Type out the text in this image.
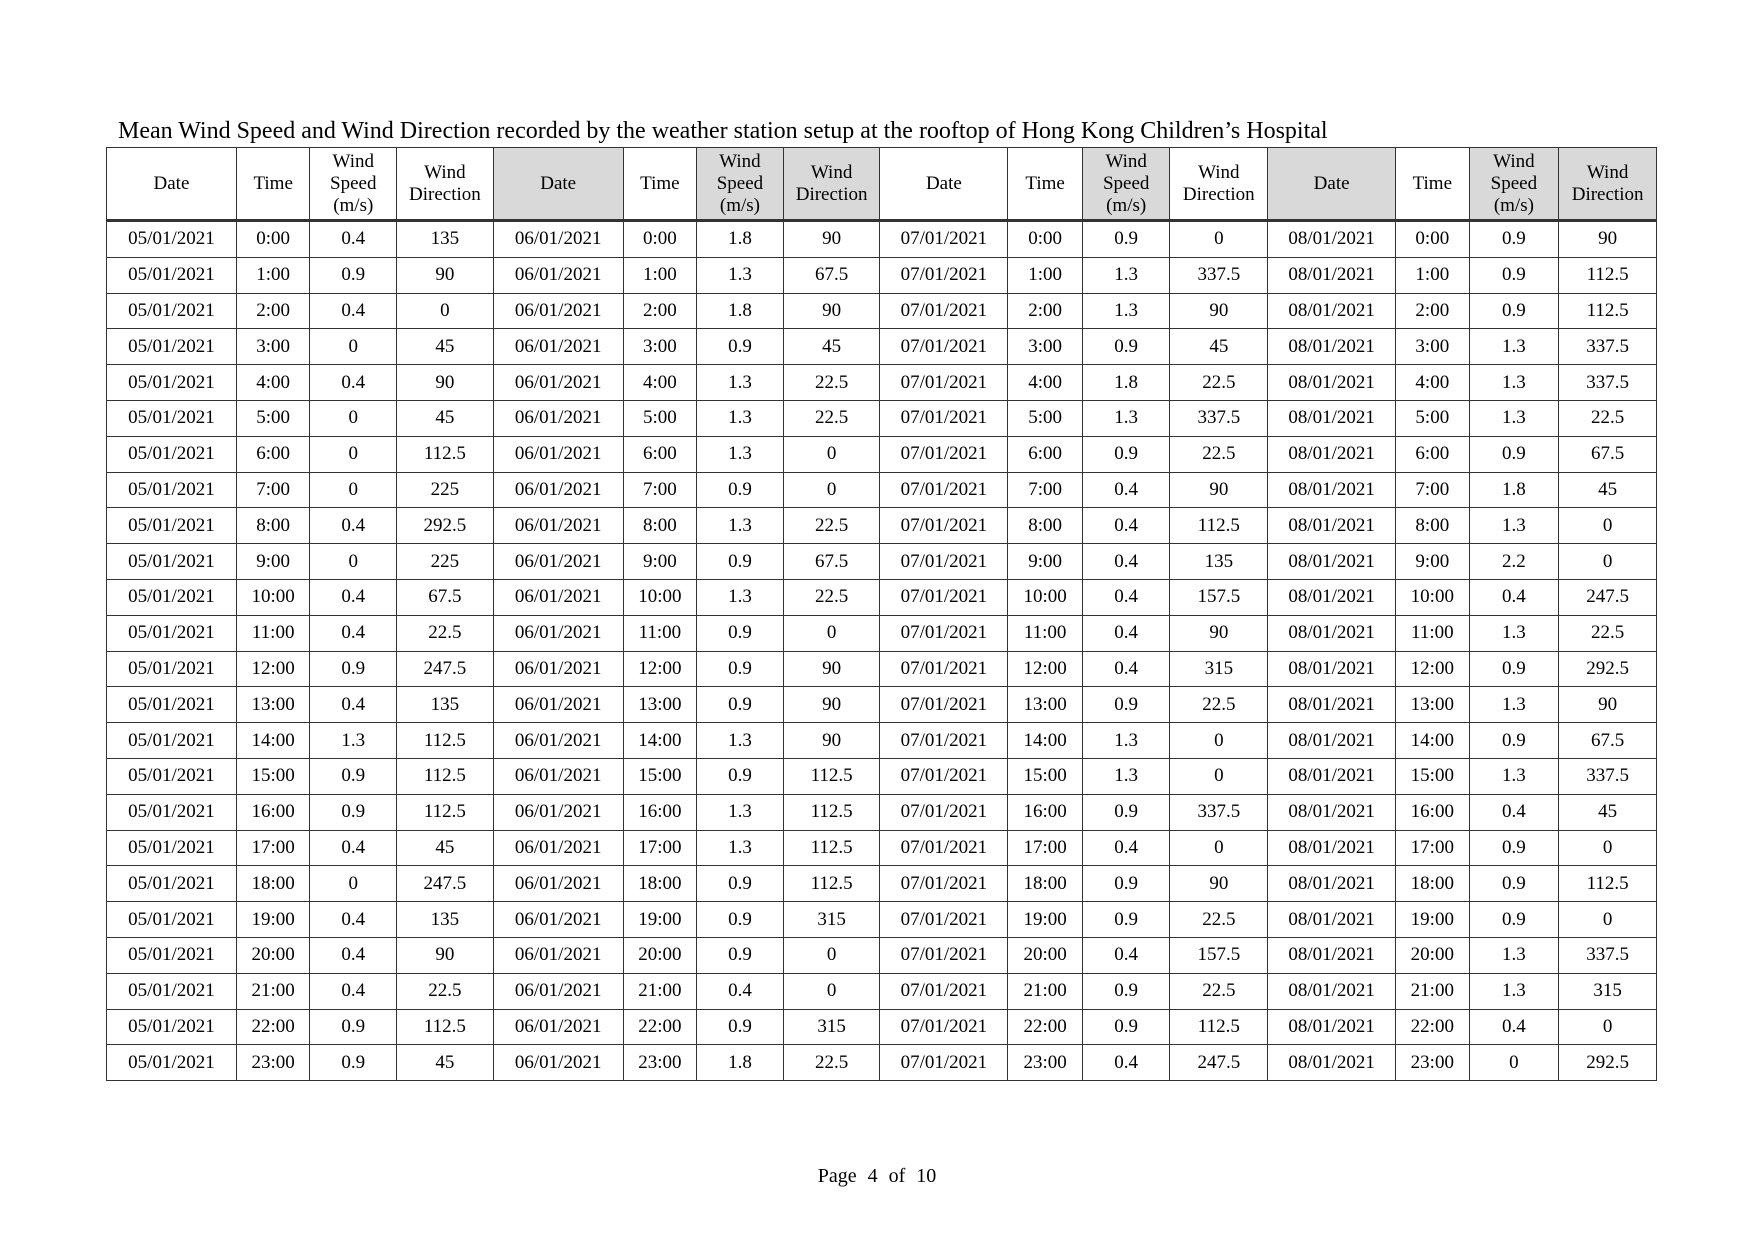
Mean Wind Speed and Wind Direction recorded by the weather station setup at the rooftop of Hong Kong Children’s Hospital
Date	Time	Wind Speed (m/s)	Wind Direction	Date	Time	Wind Speed (m/s)	Wind Direction	Date	Time	Wind Speed (m/s)	Wind Direction	Date	Time	Wind Speed (m/s)	Wind Direction
05/01/2021	0:00	0.4	135	06/01/2021	0:00	1.8	90	07/01/2021	0:00	0.9	0	08/01/2021	0:00	0.9	90
05/01/2021	1:00	0.9	90	06/01/2021	1:00	1.3	67.5	07/01/2021	1:00	1.3	337.5	08/01/2021	1:00	0.9	112.5
05/01/2021	2:00	0.4	0	06/01/2021	2:00	1.8	90	07/01/2021	2:00	1.3	90	08/01/2021	2:00	0.9	112.5
05/01/2021	3:00	0	45	06/01/2021	3:00	0.9	45	07/01/2021	3:00	0.9	45	08/01/2021	3:00	1.3	337.5
05/01/2021	4:00	0.4	90	06/01/2021	4:00	1.3	22.5	07/01/2021	4:00	1.8	22.5	08/01/2021	4:00	1.3	337.5
05/01/2021	5:00	0	45	06/01/2021	5:00	1.3	22.5	07/01/2021	5:00	1.3	337.5	08/01/2021	5:00	1.3	22.5
05/01/2021	6:00	0	112.5	06/01/2021	6:00	1.3	0	07/01/2021	6:00	0.9	22.5	08/01/2021	6:00	0.9	67.5
05/01/2021	7:00	0	225	06/01/2021	7:00	0.9	0	07/01/2021	7:00	0.4	90	08/01/2021	7:00	1.8	45
05/01/2021	8:00	0.4	292.5	06/01/2021	8:00	1.3	22.5	07/01/2021	8:00	0.4	112.5	08/01/2021	8:00	1.3	0
05/01/2021	9:00	0	225	06/01/2021	9:00	0.9	67.5	07/01/2021	9:00	0.4	135	08/01/2021	9:00	2.2	0
05/01/2021	10:00	0.4	67.5	06/01/2021	10:00	1.3	22.5	07/01/2021	10:00	0.4	157.5	08/01/2021	10:00	0.4	247.5
05/01/2021	11:00	0.4	22.5	06/01/2021	11:00	0.9	0	07/01/2021	11:00	0.4	90	08/01/2021	11:00	1.3	22.5
05/01/2021	12:00	0.9	247.5	06/01/2021	12:00	0.9	90	07/01/2021	12:00	0.4	315	08/01/2021	12:00	0.9	292.5
05/01/2021	13:00	0.4	135	06/01/2021	13:00	0.9	90	07/01/2021	13:00	0.9	22.5	08/01/2021	13:00	1.3	90
05/01/2021	14:00	1.3	112.5	06/01/2021	14:00	1.3	90	07/01/2021	14:00	1.3	0	08/01/2021	14:00	0.9	67.5
05/01/2021	15:00	0.9	112.5	06/01/2021	15:00	0.9	112.5	07/01/2021	15:00	1.3	0	08/01/2021	15:00	1.3	337.5
05/01/2021	16:00	0.9	112.5	06/01/2021	16:00	1.3	112.5	07/01/2021	16:00	0.9	337.5	08/01/2021	16:00	0.4	45
05/01/2021	17:00	0.4	45	06/01/2021	17:00	1.3	112.5	07/01/2021	17:00	0.4	0	08/01/2021	17:00	0.9	0
05/01/2021	18:00	0	247.5	06/01/2021	18:00	0.9	112.5	07/01/2021	18:00	0.9	90	08/01/2021	18:00	0.9	112.5
05/01/2021	19:00	0.4	135	06/01/2021	19:00	0.9	315	07/01/2021	19:00	0.9	22.5	08/01/2021	19:00	0.9	0
05/01/2021	20:00	0.4	90	06/01/2021	20:00	0.9	0	07/01/2021	20:00	0.4	157.5	08/01/2021	20:00	1.3	337.5
05/01/2021	21:00	0.4	22.5	06/01/2021	21:00	0.4	0	07/01/2021	21:00	0.9	22.5	08/01/2021	21:00	1.3	315
05/01/2021	22:00	0.9	112.5	06/01/2021	22:00	0.9	315	07/01/2021	22:00	0.9	112.5	08/01/2021	22:00	0.4	0
05/01/2021	23:00	0.9	45	06/01/2021	23:00	1.8	22.5	07/01/2021	23:00	0.4	247.5	08/01/2021	23:00	0	292.5
Page 4 of 10
